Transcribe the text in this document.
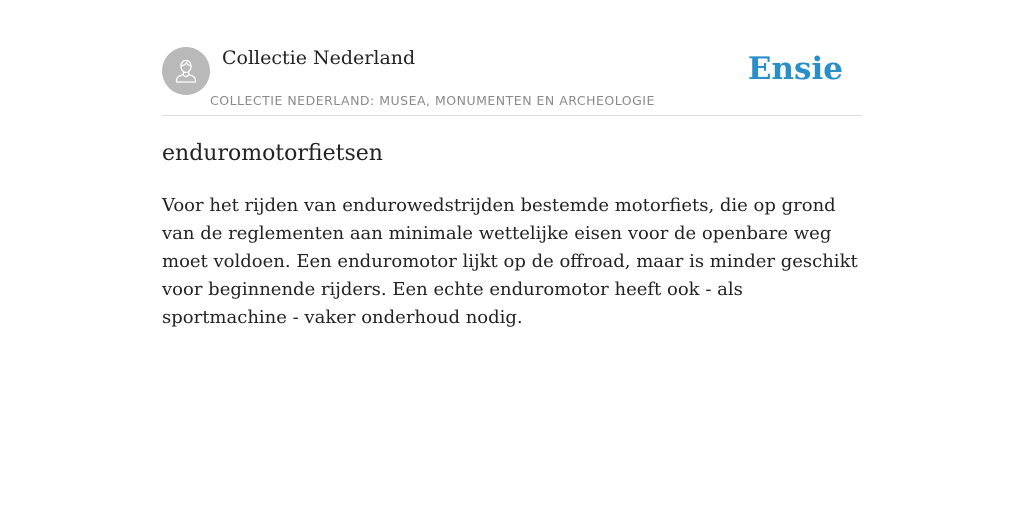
Collectie Nederland
COLLECTIE NEDERLAND: MUSEA, MONUMENTEN EN ARCHEOLOGIE
Ensie
enduromotorfietsen

Voor het rijden van endurowedstrijden bestemde motorfiets, die op grond van de reglementen aan minimale wettelijke eisen voor de openbare weg moet voldoen. Een enduromotor lijkt op de offroad, maar is minder geschikt voor beginnende rijders. Een echte enduromotor heeft ook - als sportmachine - vaker onderhoud nodig.
